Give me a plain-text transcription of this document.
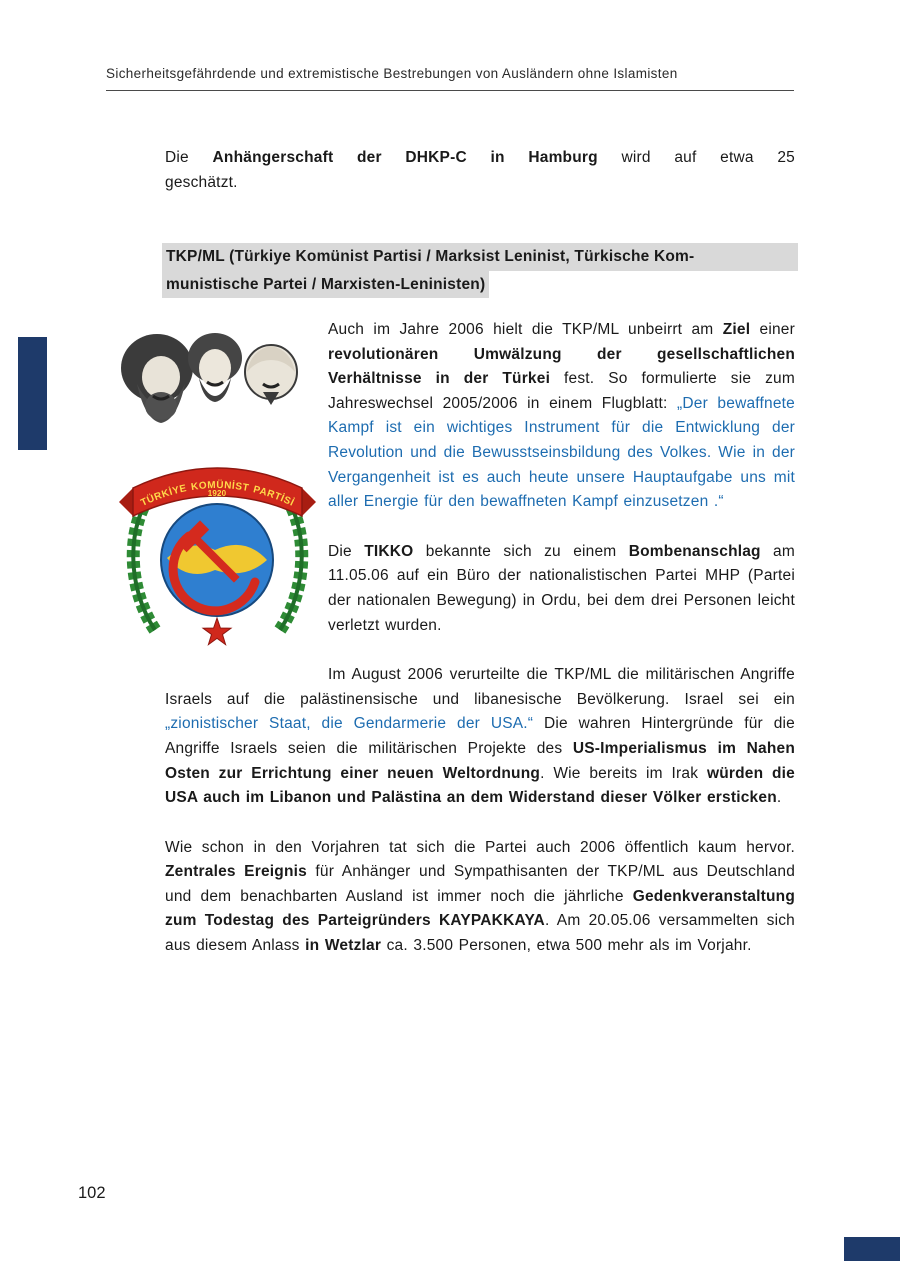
Sicherheitsgefährdende und extremistische Bestrebungen von Ausländern ohne Islamisten
Die Anhängerschaft der DHKP-C in Hamburg wird auf etwa 25
geschätzt.
TKP/ML (Türkiye Komünist Partisi / Marksist Leninist, Türkische Kom-
munistische Partei / Marxisten-Leninisten)
TÜRKİYE KOMÜNİST PARTİSİ
1920

Auch im Jahre 2006 hielt die TKP/ML unbeirrt am Ziel einer revolutionären Umwälzung der gesellschaftlichen Verhältnisse in der Türkei fest. So formulierte sie zum Jahreswechsel 2005/2006 in einem Flugblatt: „Der bewaffnete Kampf ist ein wichtiges Instrument für die Entwicklung der Revolution und die Bewusstseinsbildung des Volkes. Wie in der Vergangenheit ist es auch heute unsere Hauptaufgabe uns mit aller Energie für den bewaffneten Kampf einzusetzen .“

Die TIKKO bekannte sich zu einem Bombenanschlag am 11.05.06 auf ein Büro der nationalistischen Partei MHP (Partei der nationalen Bewegung) in Ordu, bei dem drei Personen leicht verletzt wurden.

Im August 2006 verurteilte die TKP/ML die militärischen Angriffe Israels auf die palästinensische und libanesische Bevölkerung. Israel sei ein „zionistischer Staat, die Gendarmerie der USA.“ Die wahren Hintergründe für die Angriffe Israels seien die militärischen Projekte des US-Imperialismus im Nahen Osten zur Errichtung einer neuen Weltordnung. Wie bereits im Irak würden die USA auch im Libanon und Palästina an dem Widerstand dieser Völker ersticken.

Wie schon in den Vorjahren tat sich die Partei auch 2006 öffentlich kaum hervor. Zentrales Ereignis für Anhänger und Sympathisanten der TKP/ML aus Deutschland und dem benachbarten Ausland ist immer noch die jährliche Gedenkveranstaltung zum Todestag des Parteigründers KAYPAKKAYA. Am 20.05.06 versammelten sich aus diesem Anlass in Wetzlar ca. 3.500 Personen, etwa 500 mehr als im Vorjahr.

102
